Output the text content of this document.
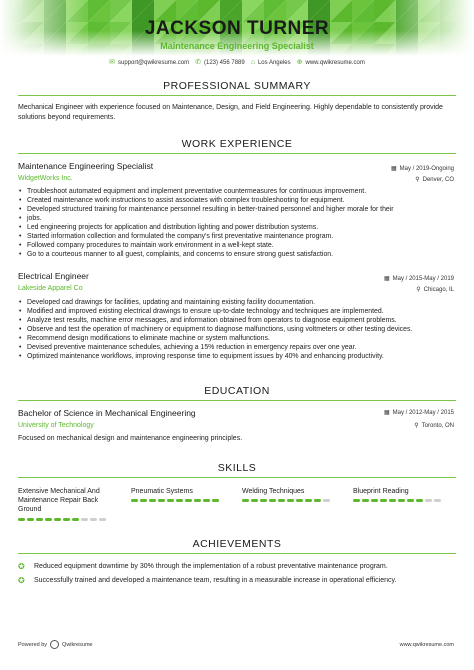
JACKSON TURNER
Maintenance Engineering Specialist
✉ support@qwikresume.com ✆ (123) 456 7889 ⌂ Los Angeles ⊕ www.qwikresume.com
PROFESSIONAL SUMMARY
Mechanical Engineer with experience focused on Maintenance, Design, and Field Engineering. Highly dependable to consistently provide solutions beyond requirements.
WORK EXPERIENCE
Maintenance Engineering Specialist	▦ May / 2019-Ongoing
WidgetWorks Inc.	⚲ Denver, CO
• Troubleshoot automated equipment and implement preventative countermeasures for continuous improvement.
• Created maintenance work instructions to assist associates with complex troubleshooting for equipment.
• Developed structured training for maintenance personnel resulting in better-trained personnel and higher morale for their
• jobs.
• Led engineering projects for application and distribution lighting and power distribution systems.
• Started information collection and formulated the company's first preventative maintenance program.
• Followed company procedures to maintain work environment in a well-kept state.
• Go to a courteous manner to all guest, complaints, and concerns to ensure strong guest satisfaction.
Electrical Engineer	▦ May / 2015-May / 2019
Lakeside Apparel Co	⚲ Chicago, IL
• Developed cad drawings for facilities, updating and maintaining existing facility documentation.
• Modified and improved existing electrical drawings to ensure up-to-date technology and techniques are implemented.
• Analyze test results, machine error messages, and information obtained from operators to diagnose equipment problems.
• Observe and test the operation of machinery or equipment to diagnose malfunctions, using voltmeters or other testing devices.
• Recommend design modifications to eliminate machine or system malfunctions.
• Devised preventive maintenance schedules, achieving a 15% reduction in emergency repairs over one year.
• Optimized maintenance workflows, improving response time to equipment issues by 40% and enhancing productivity.
EDUCATION
Bachelor of Science in Mechanical Engineering	▦ May / 2012-May / 2015
University of Technology	⚲ Toronto, ON
Focused on mechanical design and maintenance engineering principles.
SKILLS
Extensive Mechanical And Maintenance Repair Back Ground
Pneumatic Systems	Welding Techniques	Blueprint Reading
ACHIEVEMENTS
✪	Reduced equipment downtime by 30% through the implementation of a robust preventative maintenance program.
✪	Successfully trained and developed a maintenance team, resulting in a measurable increase in operational efficiency.
Powered by	Qwikresume	www.qwikresume.com
